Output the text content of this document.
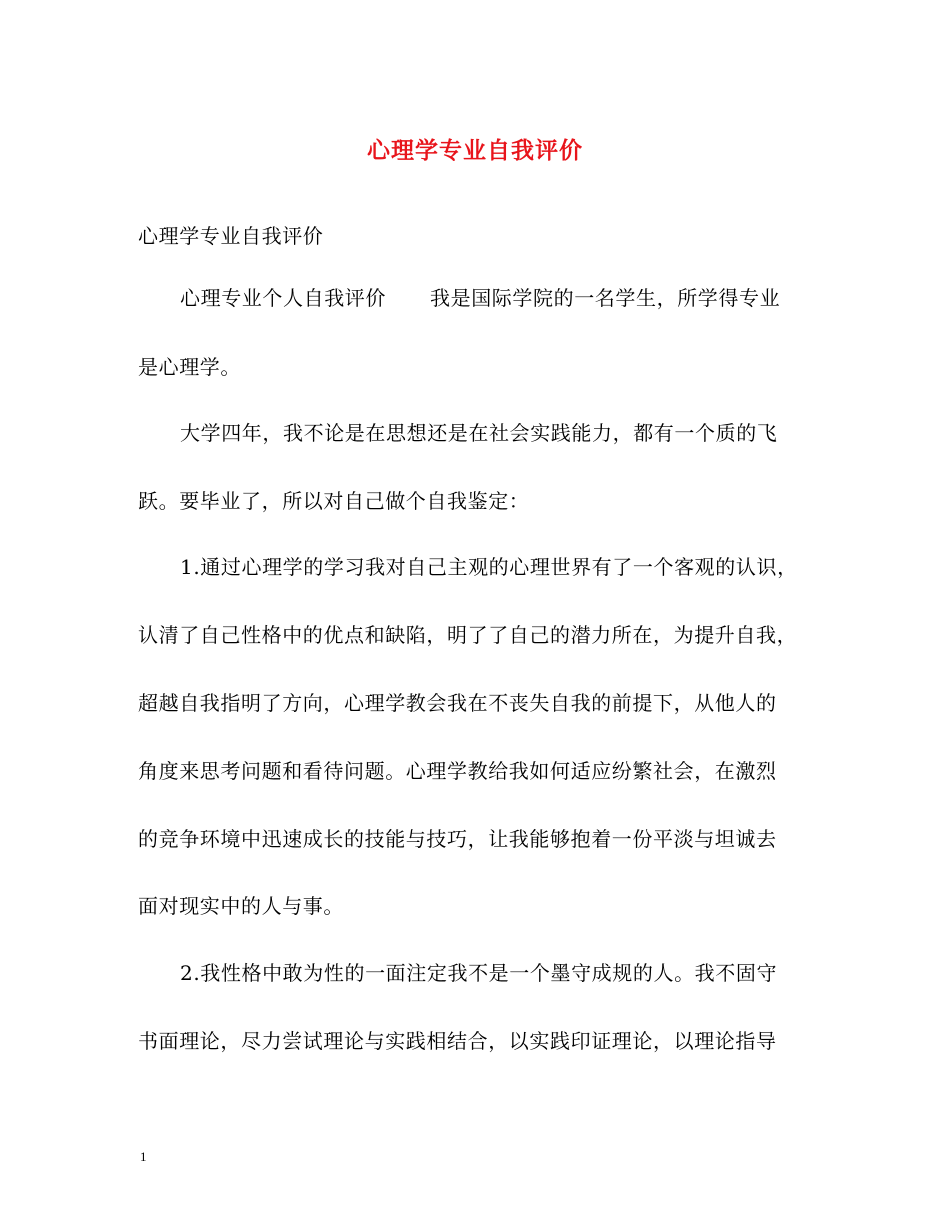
心理学专业自我评价
心理学专业自我评价
心理专业个人自我评价 我是国际学院的一名学生，所学得专业
是心理学。
大学四年，我不论是在思想还是在社会实践能力，都有一个质的飞
跃。要毕业了，所以对自己做个自我鉴定：
1.通过心理学的学习我对自己主观的心理世界有了一个客观的认识，
认清了自己性格中的优点和缺陷，明了了自己的潜力所在，为提升自我，
超越自我指明了方向，心理学教会我在不丧失自我的前提下，从他人的
角度来思考问题和看待问题。心理学教给我如何适应纷繁社会，在激烈
的竞争环境中迅速成长的技能与技巧，让我能够抱着一份平淡与坦诚去
面对现实中的人与事。
2.我性格中敢为性的一面注定我不是一个墨守成规的人。我不固守
书面理论，尽力尝试理论与实践相结合，以实践印证理论，以理论指导
1
